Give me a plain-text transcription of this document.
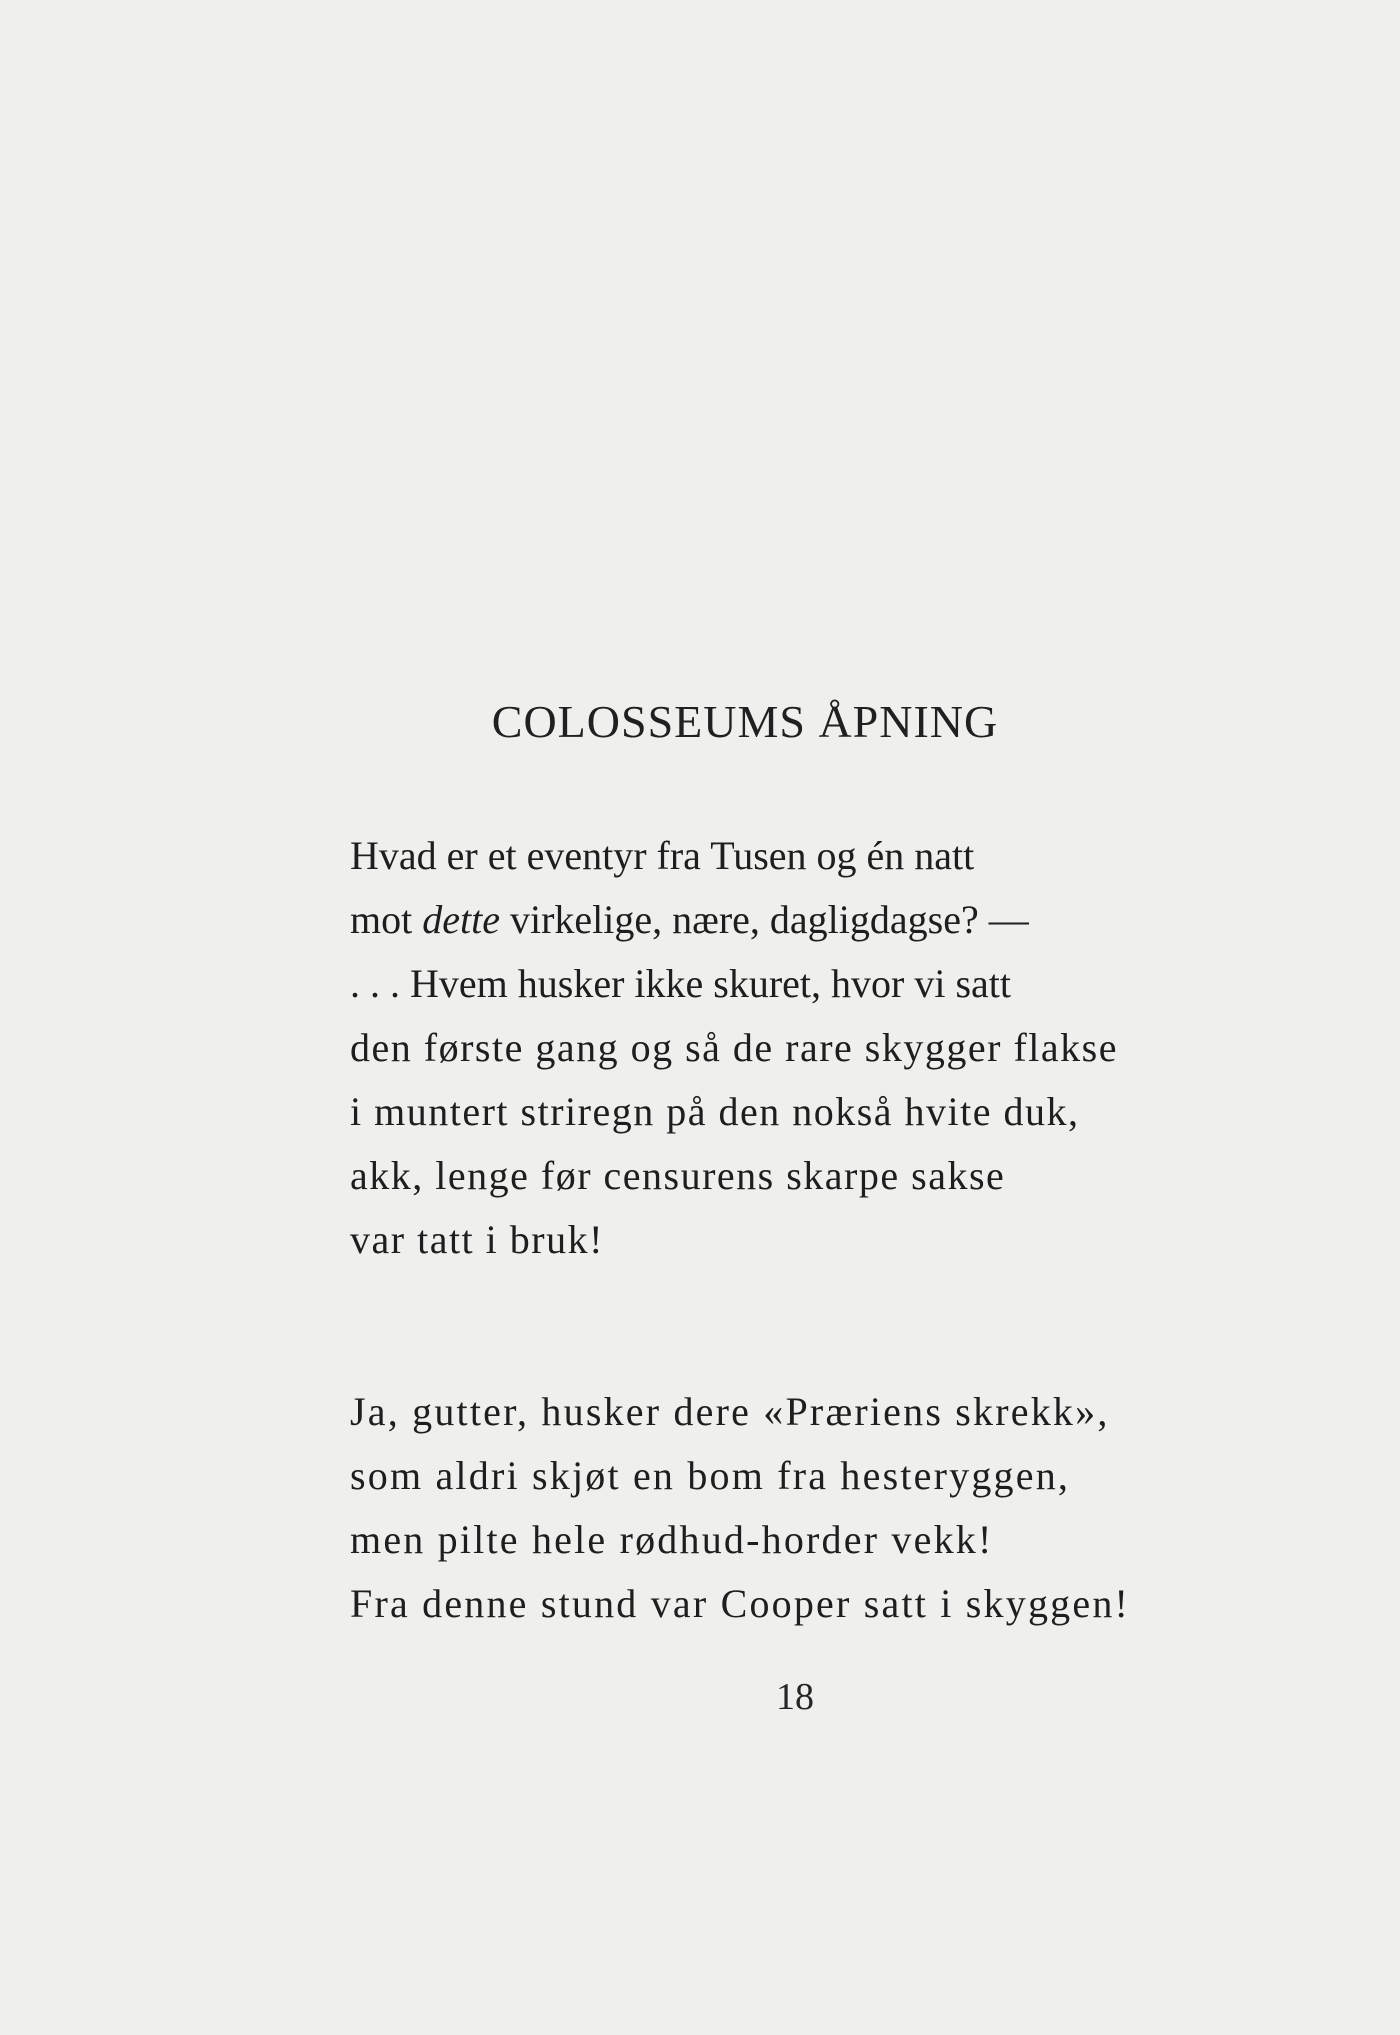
COLOSSEUMS ÅPNING
Hvad er et eventyr fra Tusen og én natt
mot dette virkelige, nære, dagligdagse? —
. . . Hvem husker ikke skuret, hvor vi satt
den første gang og så de rare skygger flakse
i muntert striregn på den nokså hvite duk,
akk, lenge før censurens skarpe sakse
var tatt i bruk!
Ja, gutter, husker dere «Præriens skrekk»,
som aldri skjøt en bom fra hesteryggen,
men pilte hele rødhud-horder vekk!
Fra denne stund var Cooper satt i skyggen!
18
